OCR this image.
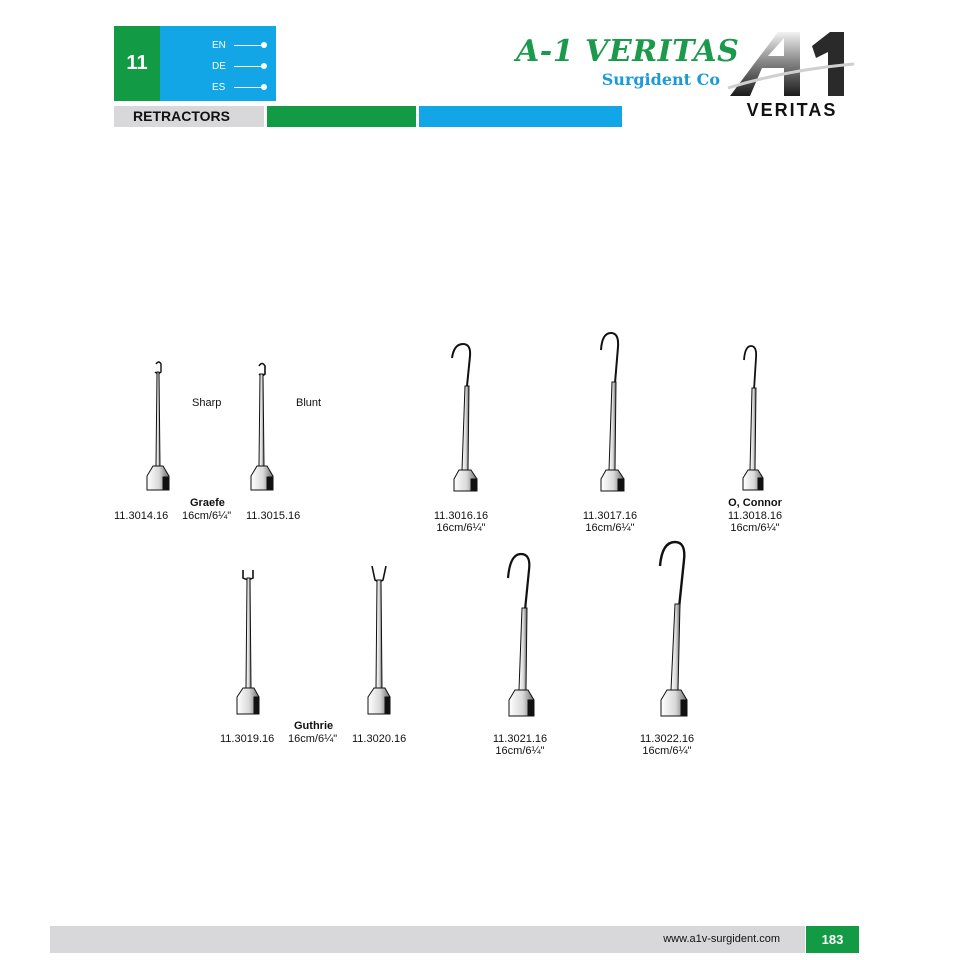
11
EN
DE
ES
RETRACTORS
A-1 VERITAS
Surgident Co
VERITAS
Sharp	Blunt
Graefe
11.3014.16 16cm/6¼" 11.3015.16	11.3016.16
16cm/6¼"
11.3017.16
16cm/6¼"
O, Connor
11.3018.16
16cm/6¼"
Guthrie
11.3019.16 16cm/6¼" 11.3020.16	11.3021.16
16cm/6¼"
11.3022.16
16cm/6¼"
www.a1v-surgident.com	183
